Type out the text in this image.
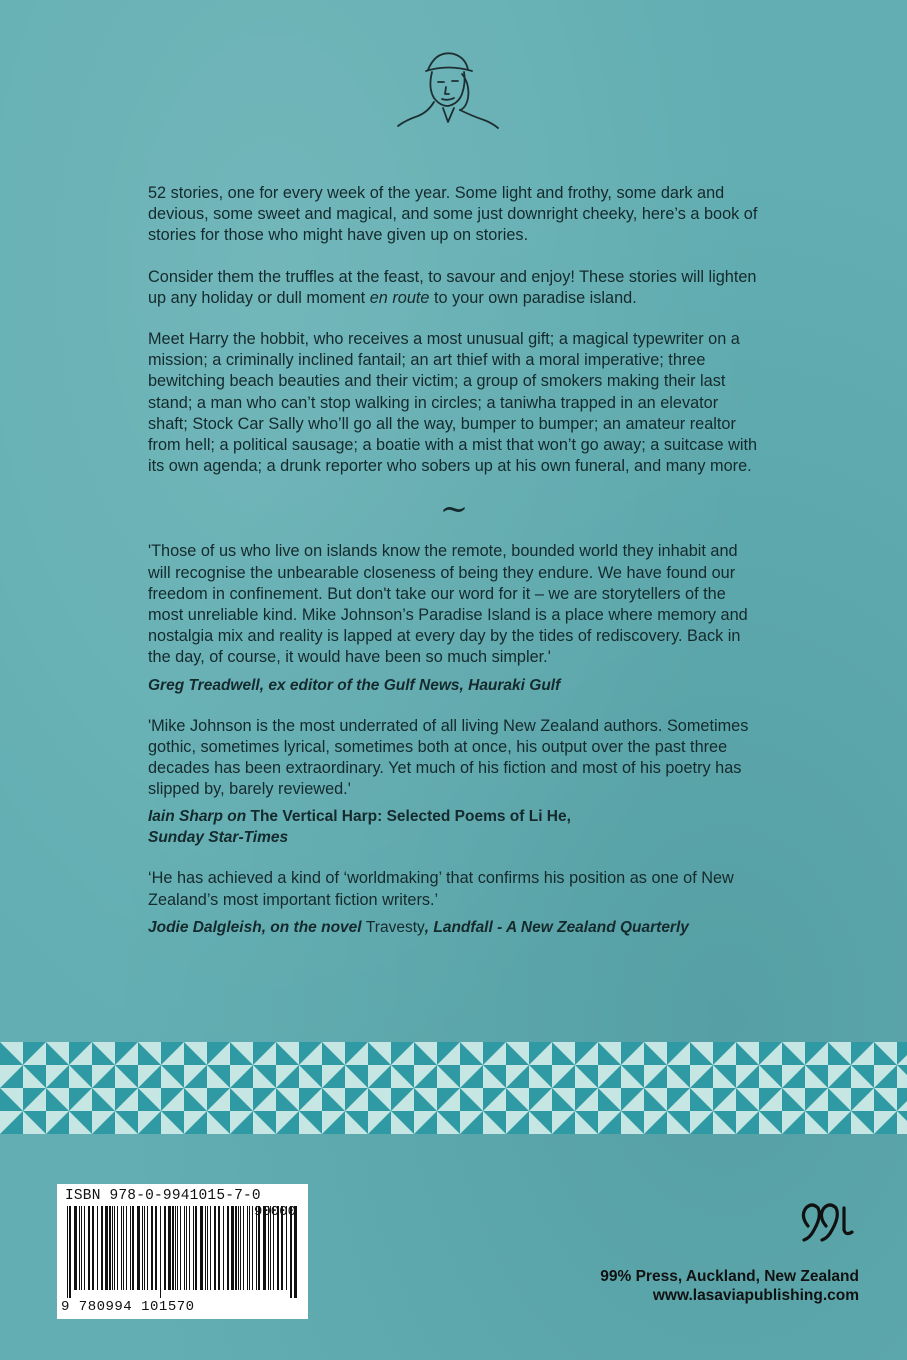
52 stories, one for every week of the year. Some light and frothy, some dark and devious, some sweet and magical, and some just downright cheeky, here’s a book of stories for those who might have given up on stories.

Consider them the truffles at the feast, to savour and enjoy! These stories will lighten up any holiday or dull moment en route to your own paradise island.

Meet Harry the hobbit, who receives a most unusual gift; a magical typewriter on a mission; a criminally inclined fantail; an art thief with a moral imperative; three bewitching beach beauties and their victim; a group of smokers making their last stand; a man who can’t stop walking in circles; a taniwha trapped in an elevator shaft; Stock Car Sally who’ll go all the way, bumper to bumper; an amateur realtor from hell; a political sausage; a boatie with a mist that won’t go away; a suitcase with its own agenda; a drunk reporter who sobers up at his own funeral, and many more.

~

'Those of us who live on islands know the remote, bounded world they inhabit and will recognise the unbearable closeness of being they endure. We have found our freedom in confinement. But don't take our word for it – we are storytellers of the most unreliable kind. Mike Johnson’s Paradise Island is a place where memory and nostalgia mix and reality is lapped at every day by the tides of rediscovery. Back in the day, of course, it would have been so much simpler.'

Greg Treadwell, ex editor of the Gulf News, Hauraki Gulf

'Mike Johnson is the most underrated of all living New Zealand authors. Sometimes gothic, sometimes lyrical, sometimes both at once, his output over the past three decades has been extraordinary. Yet much of his fiction and most of his poetry has slipped by, barely reviewed.'

Iain Sharp on The Vertical Harp: Selected Poems of Li He,
Sunday Star-Times

‘He has achieved a kind of ‘worldmaking’ that confirms his position as one of New Zealand’s most important fiction writers.’

Jodie Dalgleish, on the novel Travesty, Landfall - A New Zealand Quarterly

ISBN 978-0-9941015-7-0
90000
9 780994 101570
99% Press, Auckland, New Zealand
www.lasaviapublishing.com
